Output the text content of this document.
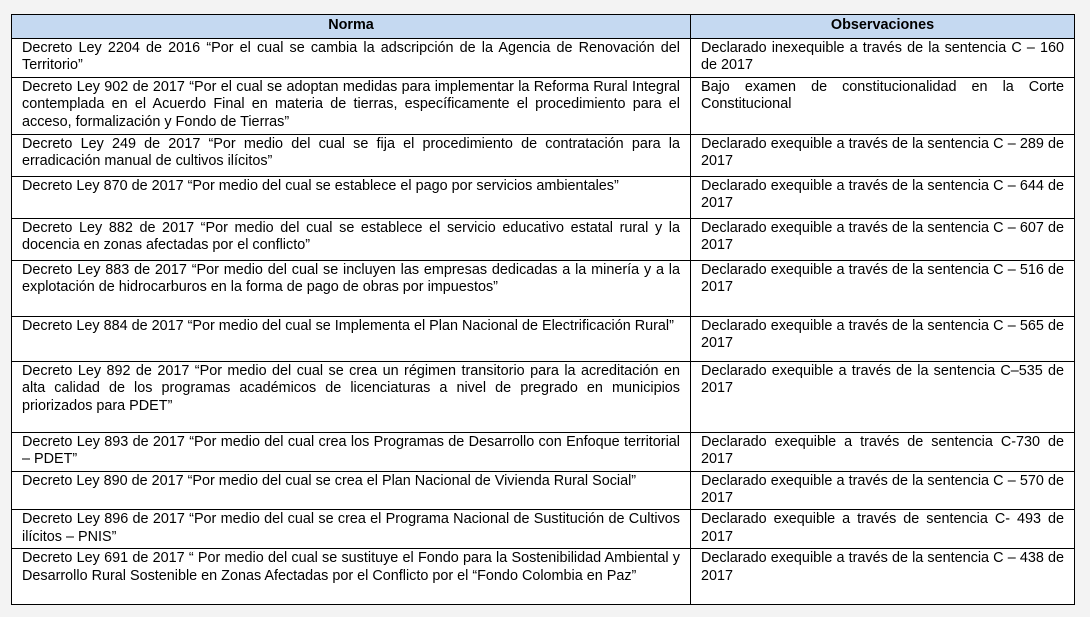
Norma	Observaciones
Decreto Ley 2204 de 2016 “Por el cual se cambia la adscripción de la Agencia de Renovación del Territorio”	Declarado inexequible a través de la sentencia C – 160 de 2017
Decreto Ley 902 de 2017 “Por el cual se adoptan medidas para implementar la Reforma Rural Integral contemplada en el Acuerdo Final en materia de tierras, específicamente el procedimiento para el acceso, formalización y Fondo de Tierras”	Bajo examen de constitucionalidad en la Corte Constitucional
Decreto Ley 249 de 2017 “Por medio del cual se fija el procedimiento de contratación para la erradicación manual de cultivos ilícitos”	Declarado exequible a través de la sentencia C – 289 de 2017
Decreto Ley 870 de 2017 “Por medio del cual se establece el pago por servicios ambientales”	Declarado exequible a través de la sentencia C – 644 de 2017
Decreto Ley 882 de 2017 “Por medio del cual se establece el servicio educativo estatal rural y la docencia en zonas afectadas por el conflicto”	Declarado exequible a través de la sentencia C – 607 de 2017
Decreto Ley 883 de 2017 “Por medio del cual se incluyen las empresas dedicadas a la minería y a la explotación de hidrocarburos en la forma de pago de obras por impuestos”	Declarado exequible a través de la sentencia C – 516 de 2017
Decreto Ley 884 de 2017 “Por medio del cual se Implementa el Plan Nacional de Electrificación Rural”	Declarado exequible a través de la sentencia C – 565 de 2017
Decreto Ley 892 de 2017 “Por medio del cual se crea un régimen transitorio para la acreditación en alta calidad de los programas académicos de licenciaturas a nivel de pregrado en municipios priorizados para PDET”	Declarado exequible a través de la sentencia C–535 de 2017
Decreto Ley 893 de 2017 “Por medio del cual crea los Programas de Desarrollo con Enfoque territorial – PDET”	Declarado exequible a través de sentencia C-730 de 2017
Decreto Ley 890 de 2017 “Por medio del cual se crea el Plan Nacional de Vivienda Rural Social”	Declarado exequible a través de la sentencia C – 570 de 2017
Decreto Ley 896 de 2017 “Por medio del cual se crea el Programa Nacional de Sustitución de Cultivos ilícitos – PNIS”	Declarado exequible a través de sentencia C- 493 de 2017
Decreto Ley 691 de 2017 “ Por medio del cual se sustituye el Fondo para la Sostenibilidad Ambiental y Desarrollo Rural Sostenible en Zonas Afectadas por el Conflicto por el “Fondo Colombia en Paz”	Declarado exequible a través de la sentencia C – 438 de 2017
